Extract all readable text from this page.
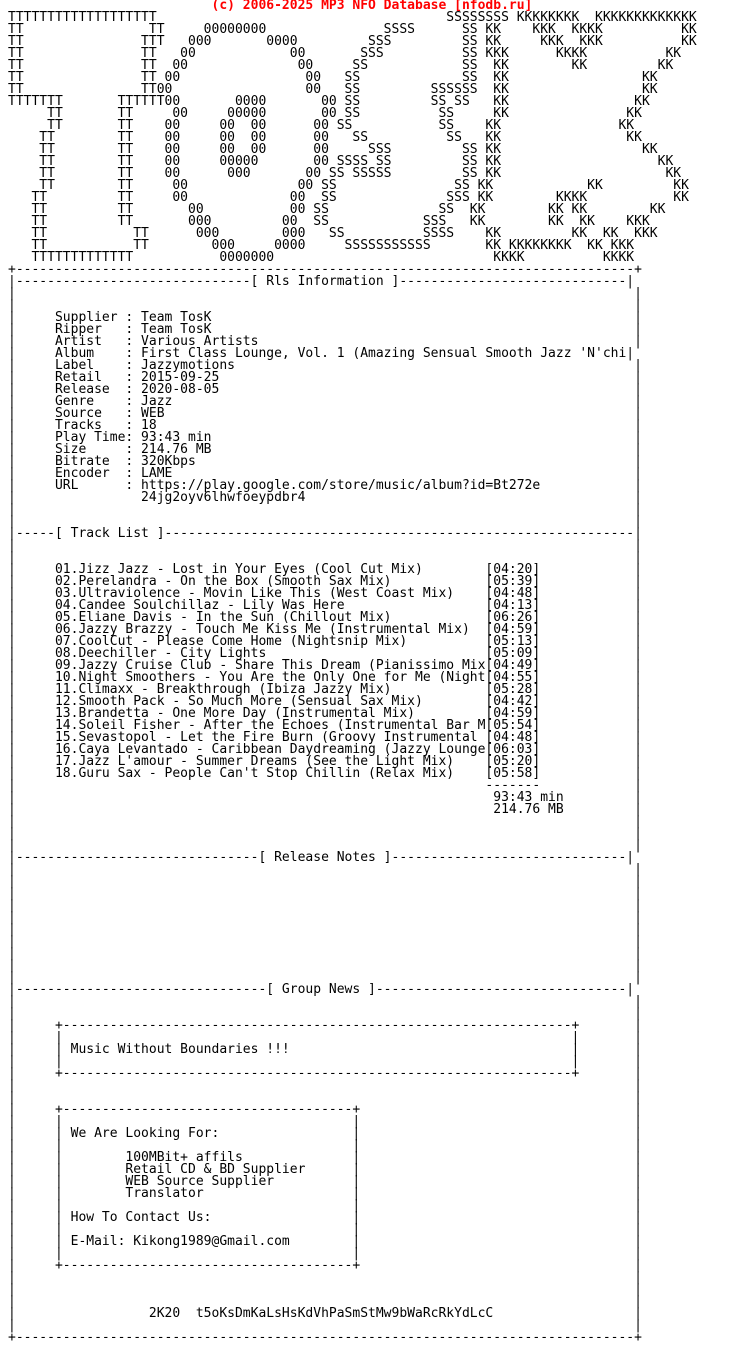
(c) 2006-2025 MP3 NFO Database [nfodb.ru]
TTTTTTTTTTTTTTTTTTT                                     SSSSSSSS KKKKKKKK  KKKKKKKKKKKKK
TT                TT     00000000               SSSS      SS KK    KKK  KKKK          KK
TT               TTT   000       0000         SSS         SS KK     KKK  KKK          KK
TT               TT   00            00       SSS          SS KKK      KKKK          KK
TT               TT  00              00     SS            SS  KK        KK         KK
TT               TT 00                00   SS             SS  KK                 KK
TT               TT00                 00   SS         SSSSSS  KK                 KK
TTTTTTT       TTTTTT00       0000       00 SS         SS SS   KK                KK
TT       TT     00     00000       00 SS          SS     KK               KK
TT       TT    00     00  00      00 SS           SS    KK               KK
TT        TT    00     00  00      00   SS          SS   KK                KK
TT        TT    00     00  00      00     SSS         SS KK                  KK
TT        TT    00     00000       00 SSSS SS         SS KK                    KK
TT        TT    00      000       00 SS SSSSS         SS KK                     KK
TT        TT     00              00 SS               SS KK            KK         KK
TT         TT     00             00  SS              SSS KK        KKKK           KK
TT         TT       00           00 SS              SS  KK        KK KK        KK
TT         TT       000         00  SS            SSS   KK        KK  KK    KKK
TT           TT      000        000   SS          SSSS    KK         KK  KK  KKK
TT           TT        000     0000     SSSSSSSSSSS       KK KKKKKKKK  KK KKK
TTTTTTTTTTTTT           0000000                            KKKK          KKKK
+-------------------------------------------------------------------------------+
|------------------------------[ Rls Information ]-----------------------------|
|                                                                               |
|                                                                               |
|     Supplier : Team TosK                                                      |
|     Ripper   : Team TosK                                                      |
|     Artist   : Various Artists                                                |
|     Album    : First Class Lounge, Vol. 1 (Amazing Sensual Smooth Jazz 'N'chi|
|     Label    : Jazzymotions                                                   |
|     Retail   : 2015-09-25                                                     |
|     Release  : 2020-08-05                                                     |
|     Genre    : Jazz                                                           |
|     Source   : WEB                                                            |
|     Tracks   : 18                                                             |
|     Play Time: 93:43 min                                                      |
|     Size     : 214.76 MB                                                      |
|     Bitrate  : 320Kbps                                                        |
|     Encoder  : LAME                                                           |
|     URL      : https://play.google.com/store/music/album?id=Bt272e            |
|                24jg2oyv6lhwfoeypdbr4                                          |
|                                                                               |
|                                                                               |
|-----[ Track List ]------------------------------------------------------------|
|                                                                               |
|                                                                               |
|     01.Jizz Jazz - Lost in Your Eyes (Cool Cut Mix)        [04:20]            |
|     02.Perelandra - On the Box (Smooth Sax Mix)            [05:39]            |
|     03.Ultraviolence - Movin Like This (West Coast Mix)    [04:48]            |
|     04.Candee Soulchillaz - Lily Was Here                  [04:13]            |
|     05.Eliane Davis - In the Sun (Chillout Mix)            [06:26]            |
|     06.Jazzy Brazzy - Touch Me Kiss Me (Instrumental Mix)  [04:59]            |
|     07.CoolCut - Please Come Home (Nightsnip Mix)          [05:13]            |
|     08.Deechiller - City Lights                            [05:09]            |
|     09.Jazzy Cruise Club - Share This Dream (Pianissimo Mix[04:49]            |
|     10.Night Smoothers - You Are the Only One for Me (Night[04:55]            |
|     11.Climaxx - Breakthrough (Ibiza Jazzy Mix)            [05:28]            |
|     12.Smooth Pack - So Much More (Sensual Sax Mix)        [04:42]            |
|     13.Brandetta - One More Day (Instrumental Mix)         [04:59]            |
|     14.Soleil Fisher - After the Echoes (Instrumental Bar M[05:54]            |
|     15.Sevastopol - Let the Fire Burn (Groovy Instrumental [04:48]            |
|     16.Caya Levantado - Caribbean Daydreaming (Jazzy Lounge[06:03]            |
|     17.Jazz L'amour - Summer Dreams (See the Light Mix)    [05:20]            |
|     18.Guru Sax - People Can't Stop Chillin (Relax Mix)    [05:58]            |
|                                                            -------            |
|                                                             93:43 min         |
|                                                             214.76 MB         |
|                                                                               |
|                                                                               |
|                                                                               |
|-------------------------------[ Release Notes ]------------------------------|
|                                                                               |
|                                                                               |
|                                                                               |
|                                                                               |
|                                                                               |
|                                                                               |
|                                                                               |
|                                                                               |
|                                                                               |
|                                                                               |
|--------------------------------[ Group News ]--------------------------------|
|                                                                               |
|                                                                               |
|     +-----------------------------------------------------------------+       |
|     |                                                                 |       |
|     | Music Without Boundaries !!!                                    |       |
|     |                                                                 |       |
|     +-----------------------------------------------------------------+       |
|                                                                               |
|                                                                               |
|     +-------------------------------------+                                   |
|     |                                     |                                   |
|     | We Are Looking For:                 |                                   |
|     |                                     |                                   |
|     |        100MBit+ affils              |                                   |
|     |        Retail CD & BD Supplier      |                                   |
|     |        WEB Source Supplier          |                                   |
|     |        Translator                   |                                   |
|     |                                     |                                   |
|     | How To Contact Us:                  |                                   |
|     |                                     |                                   |
|     | E-Mail: Kikong1989@Gmail.com        |                                   |
|     |                                     |                                   |
|     +-------------------------------------+                                   |
|                                                                               |
|                                                                               |
|                                                                               |
|                 2K20  t5oKsDmKaLsHsKdVhPaSmStMw9bWaRcRkYdLcC                  |
|                                                                               |
+-------------------------------------------------------------------------------+
